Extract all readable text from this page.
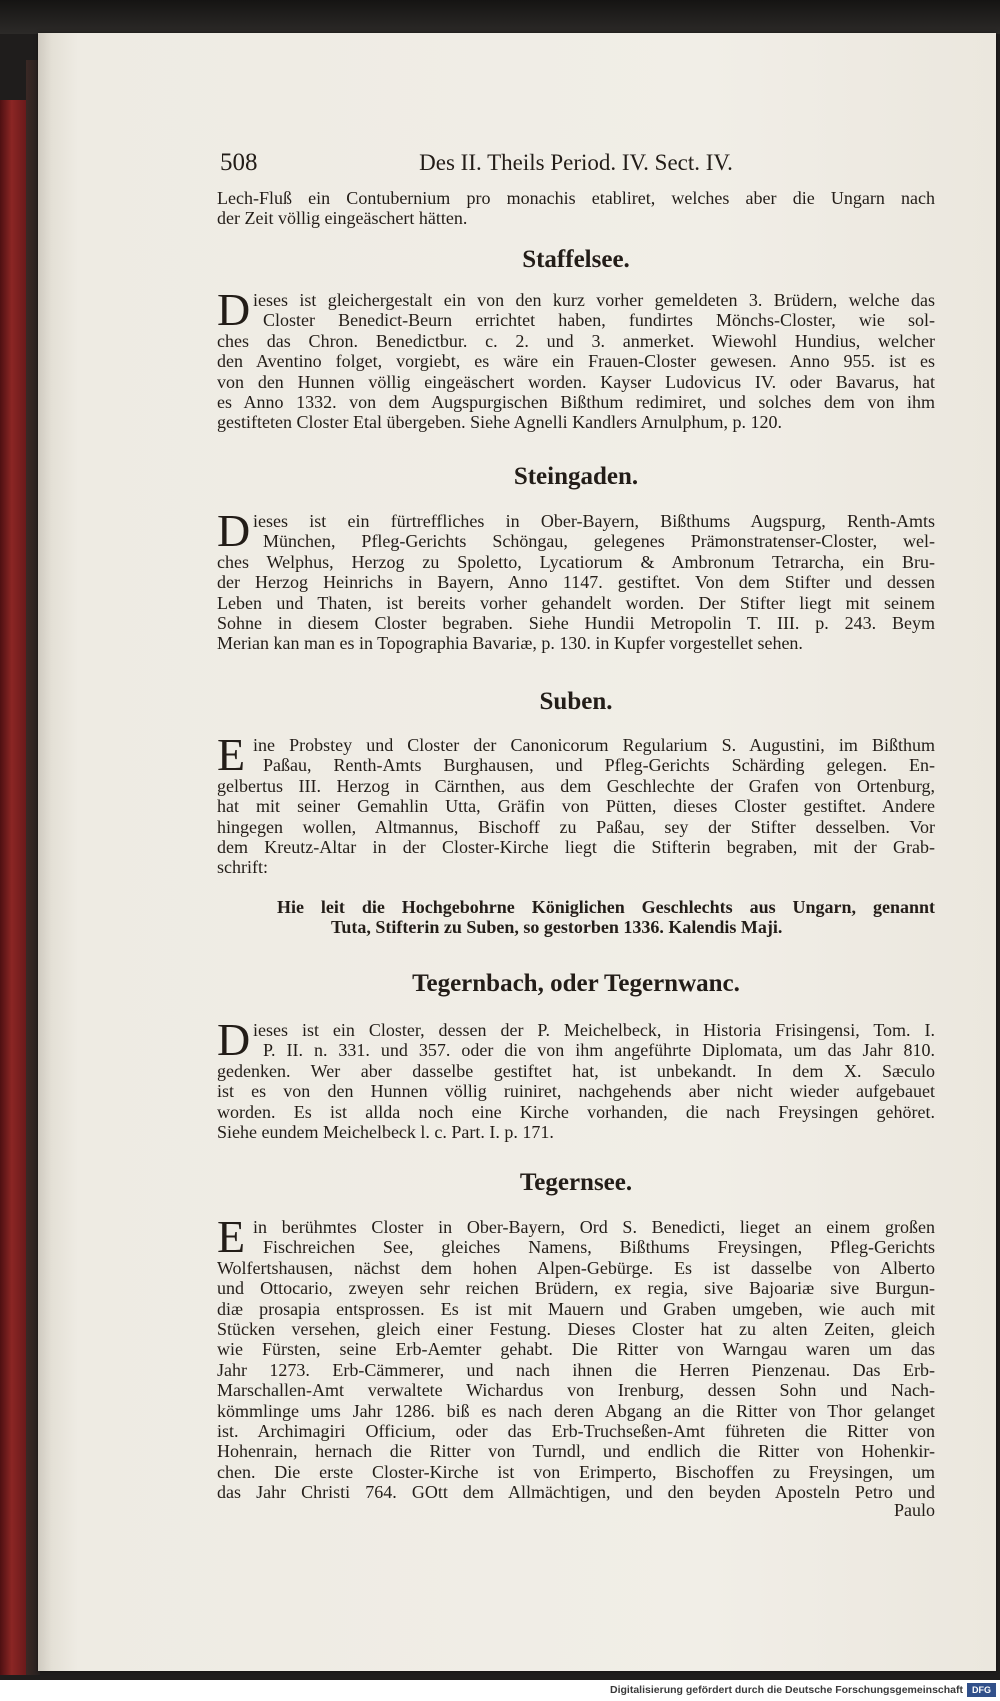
508	Des II. Theils Period. IV. Sect. IV.
Lech-Fluß ein Contubernium pro monachis etabliret, welches aber die Ungarn nach
der Zeit völlig eingeäschert hätten.
Staffelsee.
D ieses ist gleichergestalt ein von den kurz vorher gemeldeten 3. Brüdern, welche das
Closter Benedict-Beurn errichtet haben, fundirtes Mönchs-Closter, wie sol-
ches das Chron. Benedictbur. c. 2. und 3. anmerket. Wiewohl Hundius, welcher
den Aventino folget, vorgiebt, es wäre ein Frauen-Closter gewesen. Anno 955. ist es
von den Hunnen völlig eingeäschert worden. Kayser Ludovicus IV. oder Bavarus, hat
es Anno 1332. von dem Augspurgischen Bißthum redimiret, und solches dem von ihm
gestifteten Closter Etal übergeben. Siehe Agnelli Kandlers Arnulphum, p. 120.
Steingaden.
D ieses ist ein fürtreffliches in Ober-Bayern, Bißthums Augspurg, Renth-Amts
München, Pfleg-Gerichts Schöngau, gelegenes Prämonstratenser-Closter, wel-
ches Welphus, Herzog zu Spoletto, Lycatiorum & Ambronum Tetrarcha, ein Bru-
der Herzog Heinrichs in Bayern, Anno 1147. gestiftet. Von dem Stifter und dessen
Leben und Thaten, ist bereits vorher gehandelt worden. Der Stifter liegt mit seinem
Sohne in diesem Closter begraben. Siehe Hundii Metropolin T. III. p. 243. Beym
Merian kan man es in Topographia Bavariæ, p. 130. in Kupfer vorgestellet sehen.
Suben.
E ine Probstey und Closter der Canonicorum Regularium S. Augustini, im Bißthum
Paßau, Renth-Amts Burghausen, und Pfleg-Gerichts Schärding gelegen. En-
gelbertus III. Herzog in Cärnthen, aus dem Geschlechte der Grafen von Ortenburg,
hat mit seiner Gemahlin Utta, Gräfin von Pütten, dieses Closter gestiftet. Andere
hingegen wollen, Altmannus, Bischoff zu Paßau, sey der Stifter desselben. Vor
dem Kreutz-Altar in der Closter-Kirche liegt die Stifterin begraben, mit der Grab-
schrift:
Hie leit die Hochgebohrne Königlichen Geschlechts aus Ungarn, genannt
Tuta, Stifterin zu Suben, so gestorben 1336. Kalendis Maji.
Tegernbach, oder Tegernwanc.
D ieses ist ein Closter, dessen der P. Meichelbeck, in Historia Frisingensi, Tom. I.
P. II. n. 331. und 357. oder die von ihm angeführte Diplomata, um das Jahr 810.
gedenken. Wer aber dasselbe gestiftet hat, ist unbekandt. In dem X. Sæculo
ist es von den Hunnen völlig ruiniret, nachgehends aber nicht wieder aufgebauet
worden. Es ist allda noch eine Kirche vorhanden, die nach Freysingen gehöret.
Siehe eundem Meichelbeck l. c. Part. I. p. 171.
Tegernsee.
E in berühmtes Closter in Ober-Bayern, Ord S. Benedicti, lieget an einem großen
Fischreichen See, gleiches Namens, Bißthums Freysingen, Pfleg-Gerichts
Wolfertshausen, nächst dem hohen Alpen-Gebürge. Es ist dasselbe von Alberto
und Ottocario, zweyen sehr reichen Brüdern, ex regia, sive Bajoariæ sive Burgun-
diæ prosapia entsprossen. Es ist mit Mauern und Graben umgeben, wie auch mit
Stücken versehen, gleich einer Festung. Dieses Closter hat zu alten Zeiten, gleich
wie Fürsten, seine Erb-Aemter gehabt. Die Ritter von Warngau waren um das
Jahr 1273. Erb-Cämmerer, und nach ihnen die Herren Pienzenau. Das Erb-
Marschallen-Amt verwaltete Wichardus von Irenburg, dessen Sohn und Nach-
kömmlinge ums Jahr 1286. biß es nach deren Abgang an die Ritter von Thor gelanget
ist. Archimagiri Officium, oder das Erb-Truchseßen-Amt führeten die Ritter von
Hohenrain, hernach die Ritter von Turndl, und endlich die Ritter von Hohenkir-
chen. Die erste Closter-Kirche ist von Erimperto, Bischoffen zu Freysingen, um
das Jahr Christi 764. GOtt dem Allmächtigen, und den beyden Aposteln Petro und
Paulo
Digitalisierung gefördert durch die Deutsche Forschungsgemeinschaft	DFG
